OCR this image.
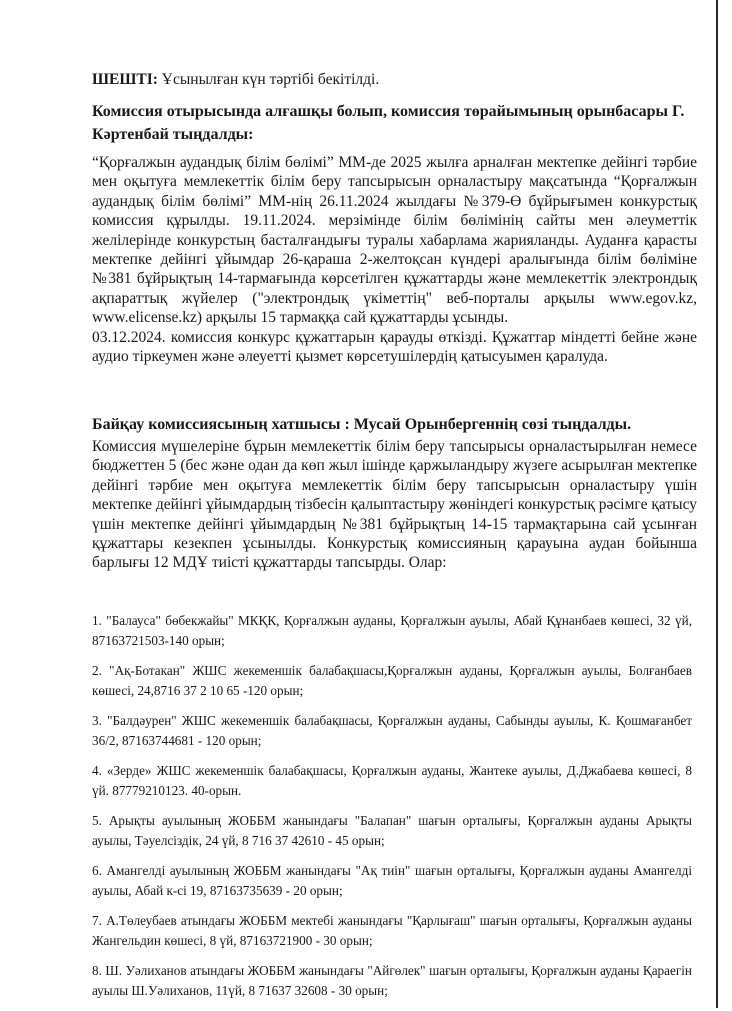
ШЕШТІ: Ұсынылған күн тәртібі бекітілді.

Комиссия отырысында алғашқы болып, комиссия төрайымының орынбасары Г. Кәртенбай тыңдалды:

“Қорғалжын аудандық білім бөлімі” ММ-де 2025 жылға арналған мектепке дейінгі тәрбие мен оқытуға мемлекеттік білім беру тапсырысын орналастыру мақсатында “Қорғалжын аудандық білім бөлімі” ММ-нің 26.11.2024 жылдағы №379-Ө бұйрығымен конкурстық комиссия құрылды. 19.11.2024. мерзімінде білім бөлімінің сайты мен әлеуметтік желілерінде конкурстың басталғандығы туралы хабарлама жарияланды. Ауданға қарасты мектепке дейінгі ұйымдар 26-қараша 2-желтоқсан күндері аралығында білім бөліміне №381 бұйрықтың 14-тармағында көрсетілген құжаттарды және мемлекеттік электрондық ақпараттық жүйелер ("электрондық үкіметтің" веб-порталы арқылы www.egov.kz, www.elicense.kz) арқылы 15 тармаққа сай құжаттарды ұсынды.
03.12.2024. комиссия конкурс құжаттарын қарауды өткізді. Құжаттар міндетті бейне және аудио тіркеумен және әлеуетті қызмет көрсетушілердің қатысуымен қаралуда.

Байқау комиссиясының хатшысы : Мусай Орынбергеннің сөзі тыңдалды.

Комиссия мүшелеріне бұрын мемлекеттік білім беру тапсырысы орналастырылған немесе бюджеттен 5 (бес және одан да көп жыл ішінде қаржыландыру жүзеге асырылған мектепке дейінгі тәрбие мен оқытуға мемлекеттік білім беру тапсырысын орналастыру үшін мектепке дейінгі ұйымдардың тізбесін қалыптастыру жөніндегі конкурстық рәсімге қатысу үшін мектепке дейінгі ұйымдардың №381 бұйрықтың 14-15 тармақтарына сай ұсынған құжаттары кезекпен ұсынылды. Конкурстық комиссияның қарауына аудан бойынша барлығы 12 МДҰ тиісті құжаттарды тапсырды. Олар:

1. "Балауса" бөбекжайы" МКҚК, Қорғалжын ауданы, Қорғалжын ауылы, Абай Құнанбаев көшесі, 32 үй, 87163721503-140 орын;
2. "Ақ-Ботакан" ЖШС жекеменшік балабақшасы,Қорғалжын ауданы, Қорғалжын ауылы, Болғанбаев көшесі, 24,8716 37 2 10 65 -120 орын;
3. "Балдәурен" ЖШС жекеменшік балабақшасы, Қорғалжын ауданы, Сабынды ауылы, К. Қошмағанбет 36/2, 87163744681 - 120 орын;
4. «Зерде» ЖШС жекеменшік балабақшасы, Қорғалжын ауданы, Жантеке ауылы, Д.Джабаева көшесі, 8 үй. 87779210123. 40-орын.
5. Арықты ауылының ЖОББМ жанындағы "Балапан" шағын орталығы, Қорғалжын ауданы Арықты ауылы, Тәуелсіздік, 24 үй, 8 716 37 42610 - 45 орын;
6. Амангелді ауылының ЖОББМ жанындағы "Ақ тиін" шағын орталығы, Қорғалжын ауданы Амангелді ауылы, Абай к-сі 19, 87163735639 - 20 орын;
7. А.Төлеубаев атындағы ЖОББМ мектебі жанындағы "Қарлығаш" шағын орталығы, Қорғалжын ауданы Жангельдин көшесі, 8 үй, 87163721900 - 30 орын;
8. Ш. Уәлиханов атындағы ЖОББМ жанындағы "Айгөлек" шағын орталығы, Қорғалжын ауданы Қараегін ауылы Ш.Уәлиханов, 11үй, 8 71637 32608 - 30 орын;
